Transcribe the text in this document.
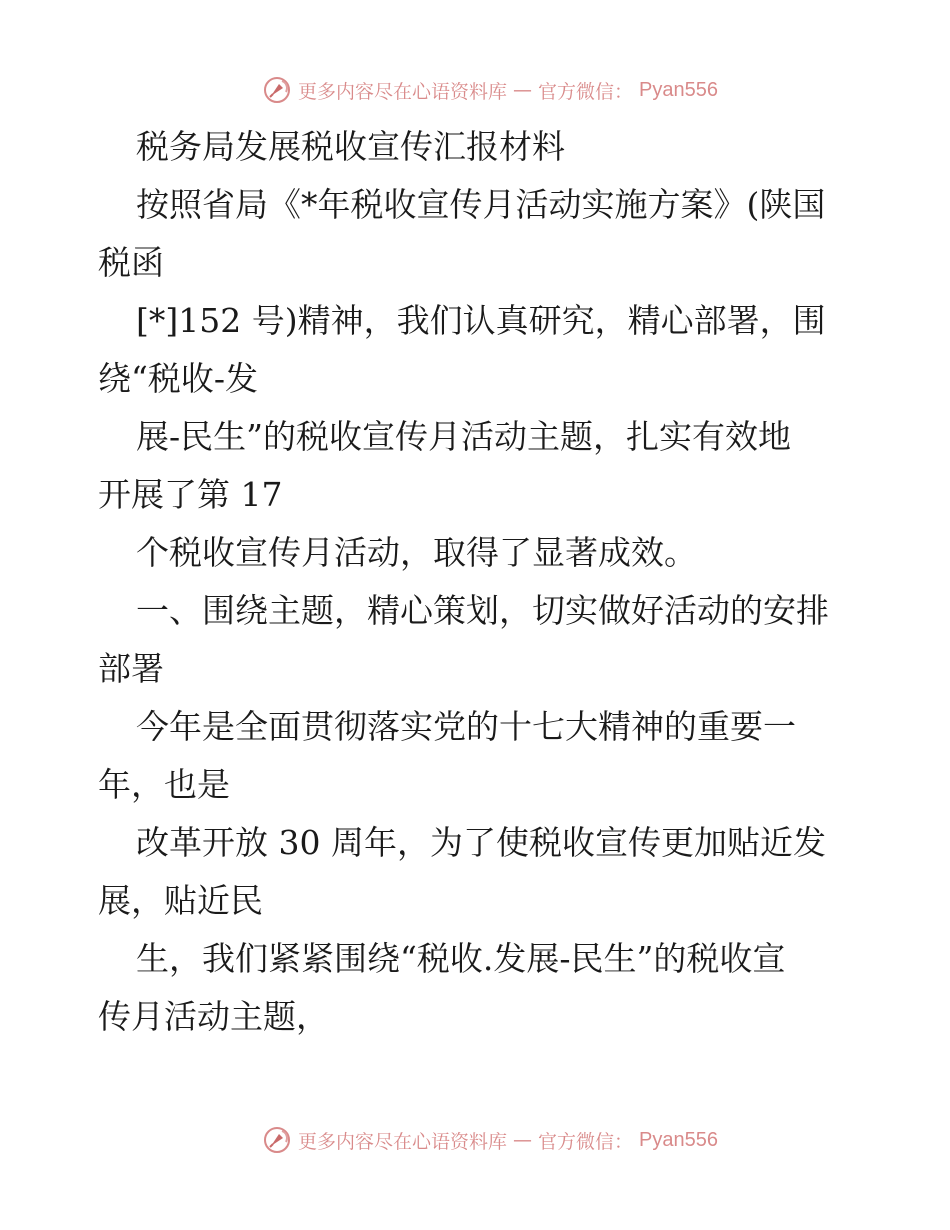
更多内容尽在心语资料库 — 官方微信： Pyan556
税务局发展税收宣传汇报材料
按照省局《*年税收宣传月活动实施方案》(陕国
税函
[*]152 号)精神，我们认真研究，精心部署，围
绕“税收-发
展-民生”的税收宣传月活动主题，扎实有效地
开展了第 17
个税收宣传月活动，取得了显著成效。
一、围绕主题，精心策划，切实做好活动的安排
部署
今年是全面贯彻落实党的十七大精神的重要一
年，也是
改革开放 30 周年，为了使税收宣传更加贴近发
展，贴近民
生，我们紧紧围绕“税收.发展-民生”的税收宣
传月活动主题，
更多内容尽在心语资料库 — 官方微信： Pyan556
